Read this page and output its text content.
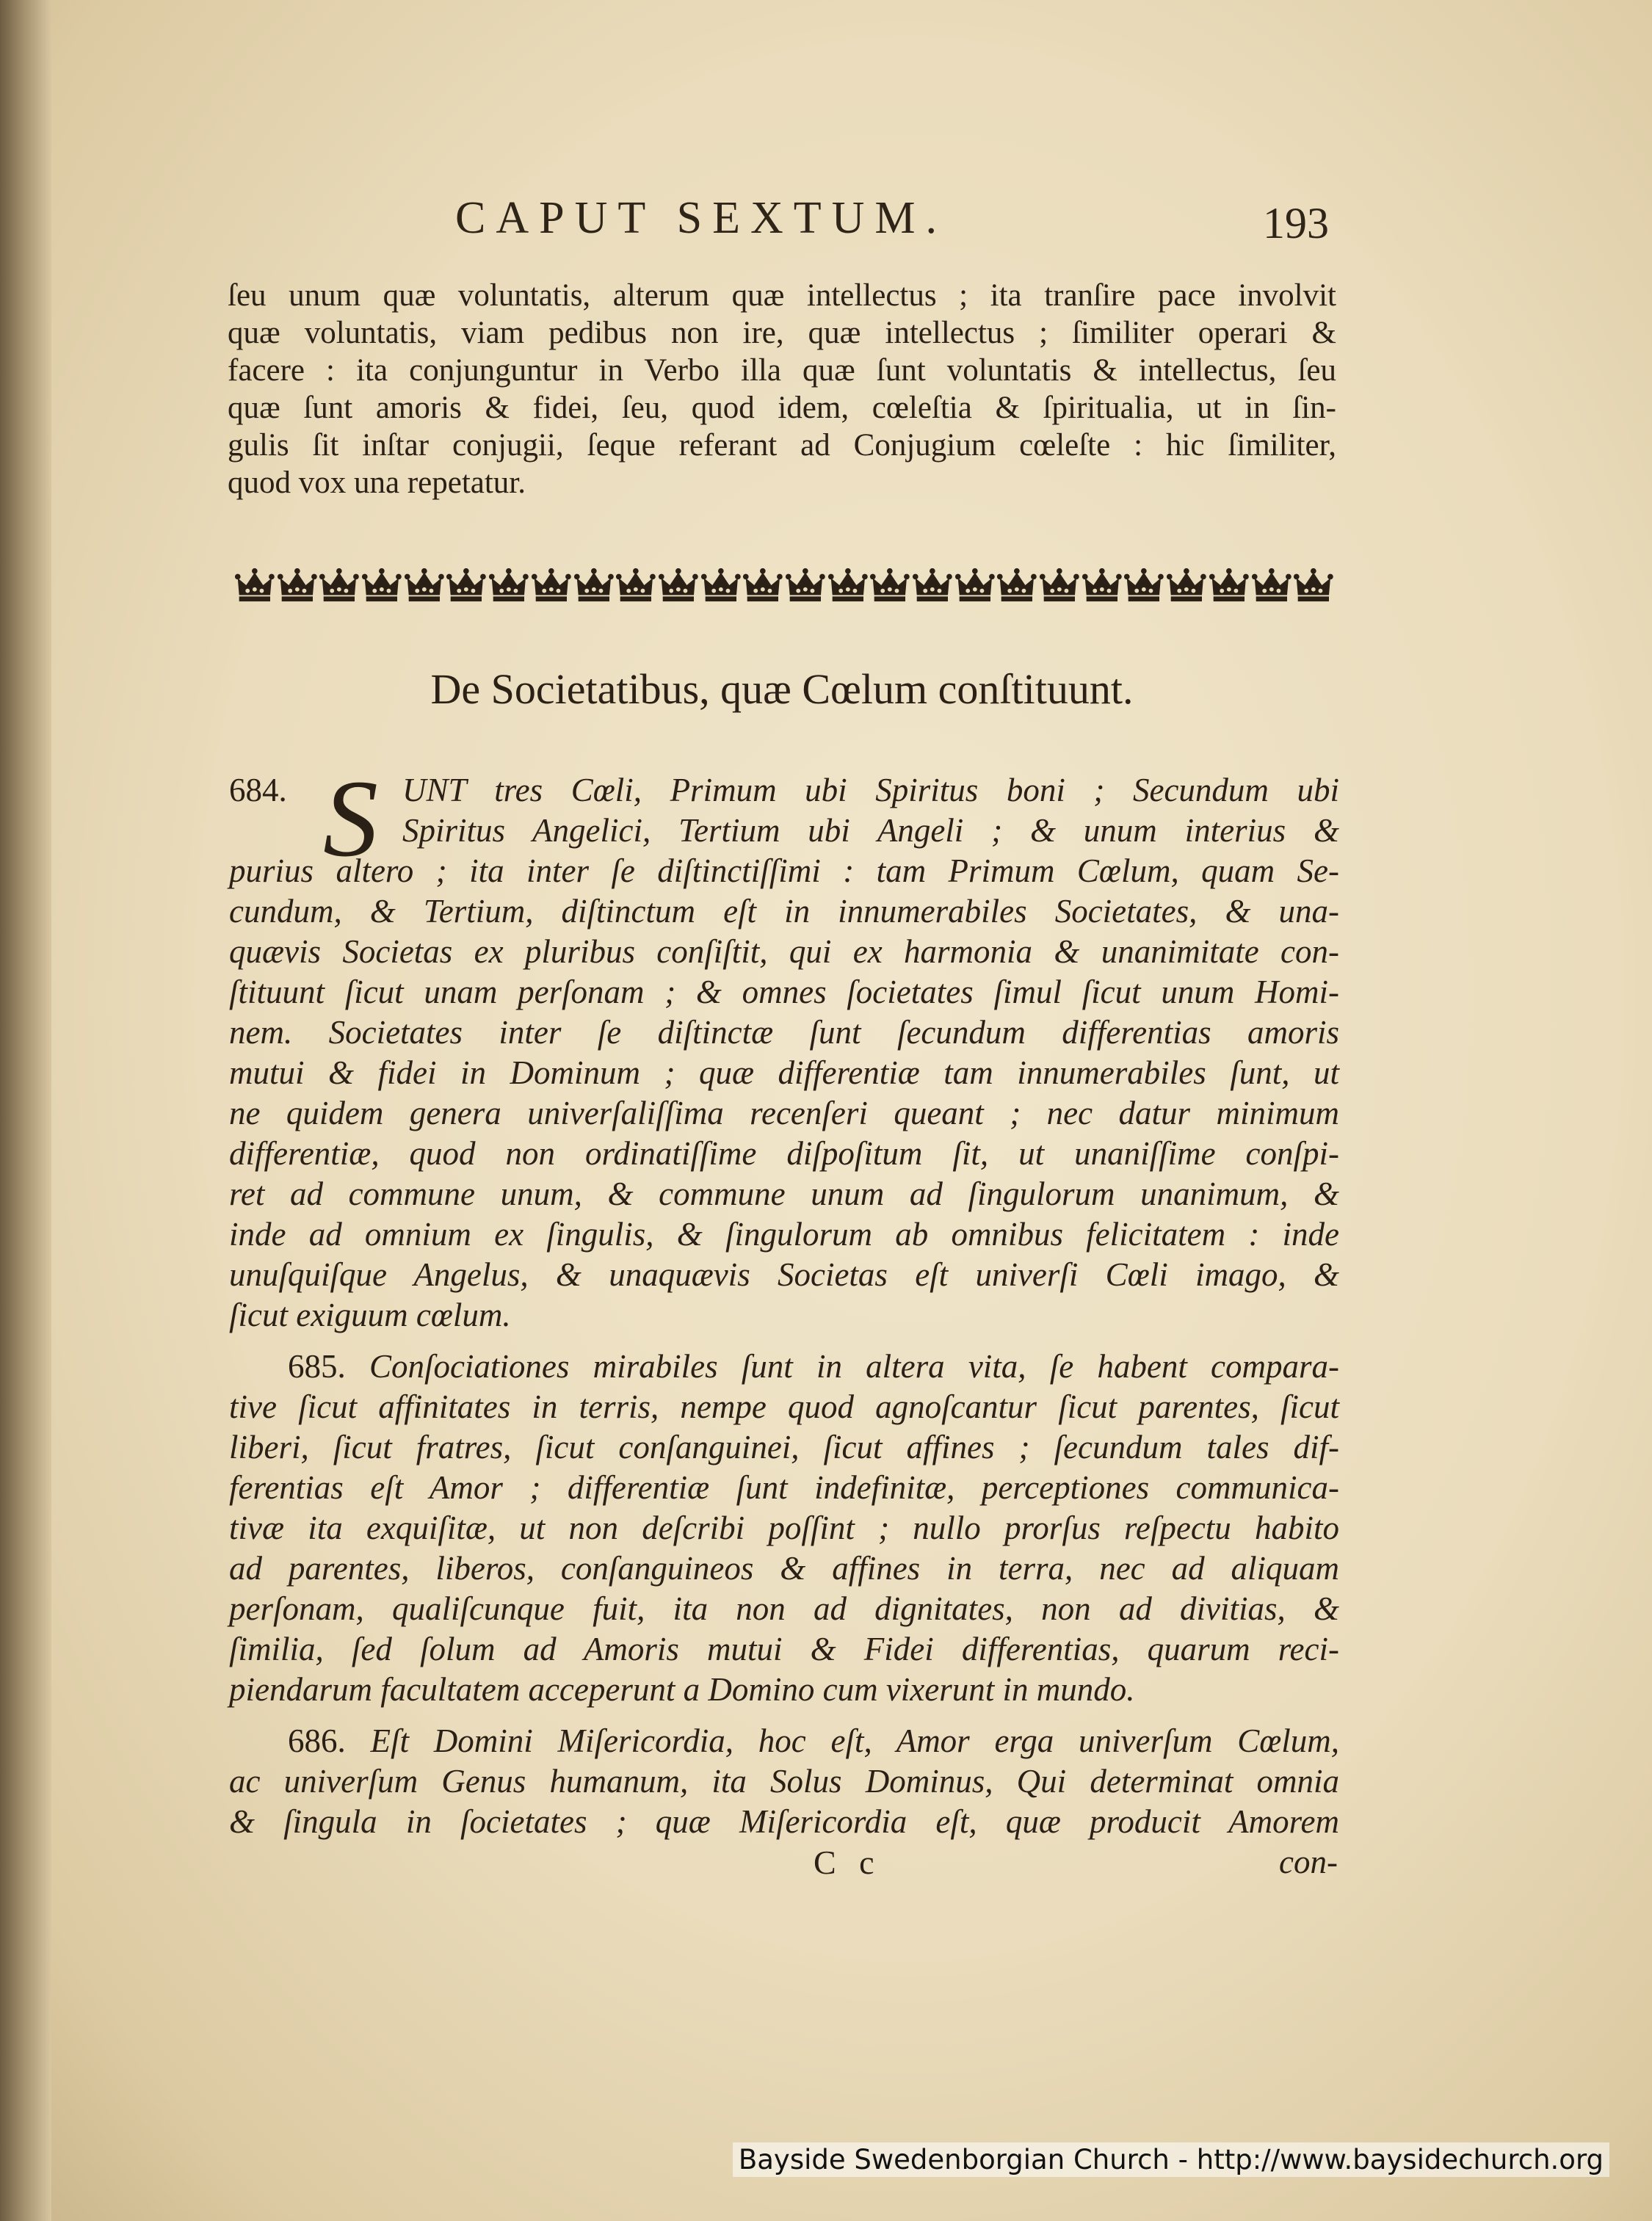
CAPUT SEXTUM.	193
ſeu unum quæ voluntatis, alterum quæ intellectus ; ita tranſire pace involvit
quæ voluntatis, viam pedibus non ire, quæ intellectus ; ſimiliter operari &
facere : ita conjunguntur in Verbo illa quæ ſunt voluntatis & intellectus, ſeu
quæ ſunt amoris & fidei, ſeu, quod idem, cœleſtia & ſpiritualia, ut in ſin-
gulis ſit inſtar conjugii, ſeque referant ad Conjugium cœleſte : hic ſimiliter,
quod vox una repetatur.
De Societatibus, quæ Cœlum conſtituunt.
S
684.	UNT tres Cœli, Primum ubi Spiritus boni ; Secundum ubi
Spiritus Angelici, Tertium ubi Angeli ; & unum interius &
purius altero ; ita inter ſe diſtinctiſſimi : tam Primum Cœlum, quam Se-
cundum, & Tertium, diſtinctum eſt in innumerabiles Societates, & una-
quævis Societas ex pluribus conſiſtit, qui ex harmonia & unanimitate con-
ſtituunt ſicut unam perſonam ; & omnes ſocietates ſimul ſicut unum Homi-
nem. Societates inter ſe diſtinctæ ſunt ſecundum differentias amoris
mutui & fidei in Dominum ; quæ differentiæ tam innumerabiles ſunt, ut
ne quidem genera univerſaliſſima recenſeri queant ; nec datur minimum
differentiæ, quod non ordinatiſſime diſpoſitum ſit, ut unaniſſime conſpi-
ret ad commune unum, & commune unum ad ſingulorum unanimum, &
inde ad omnium ex ſingulis, & ſingulorum ab omnibus felicitatem : inde
unuſquiſque Angelus, & unaquævis Societas eſt univerſi Cœli imago, &
ſicut exiguum cœlum.
685. Conſociationes mirabiles ſunt in altera vita, ſe habent compara-
tive ſicut affinitates in terris, nempe quod agnoſcantur ſicut parentes, ſicut
liberi, ſicut fratres, ſicut conſanguinei, ſicut affines ; ſecundum tales dif-
ferentias eſt Amor ; differentiæ ſunt indefinitæ, perceptiones communica-
tivæ ita exquiſitæ, ut non deſcribi poſſint ; nullo prorſus reſpectu habito
ad parentes, liberos, conſanguineos & affines in terra, nec ad aliquam
perſonam, qualiſcunque fuit, ita non ad dignitates, non ad divitias, &
ſimilia, ſed ſolum ad Amoris mutui & Fidei differentias, quarum reci-
piendarum facultatem acceperunt a Domino cum vixerunt in mundo.
686. Eſt Domini Miſericordia, hoc eſt, Amor erga univerſum Cœlum,
ac univerſum Genus humanum, ita Solus Dominus, Qui determinat omnia
& ſingula in ſocietates ; quæ Miſericordia eſt, quæ producit Amorem
C c	con-
Bayside Swedenborgian Church - http://www.baysidechurch.org
